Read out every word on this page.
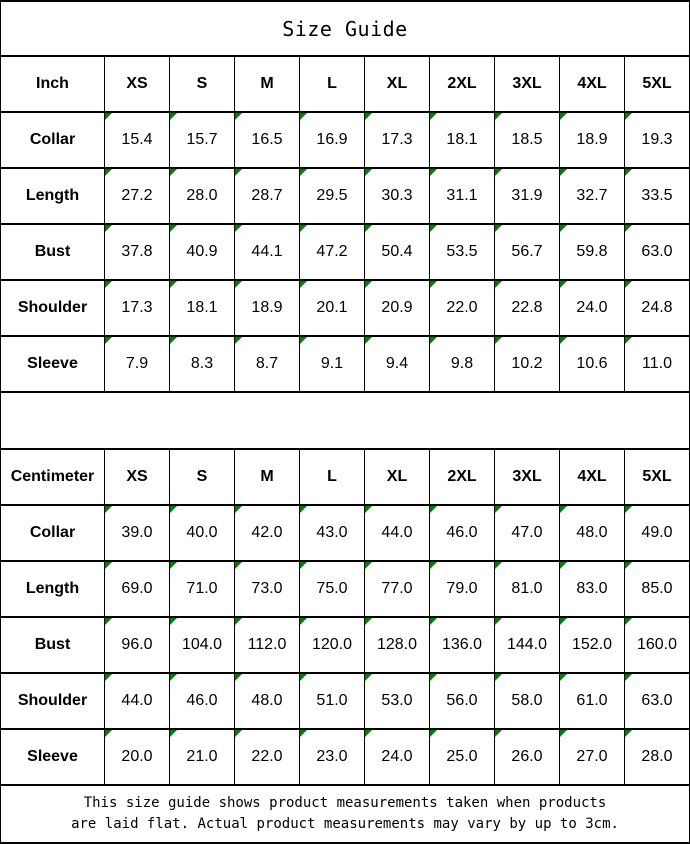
Size Guide									
Inch	XS	S	M	L	XL	2XL	3XL	4XL	5XL
Collar	15.4	15.7	16.5	16.9	17.3	18.1	18.5	18.9	19.3
Length	27.2	28.0	28.7	29.5	30.3	31.1	31.9	32.7	33.5
Bust	37.8	40.9	44.1	47.2	50.4	53.5	56.7	59.8	63.0
Shoulder	17.3	18.1	18.9	20.1	20.9	22.0	22.8	24.0	24.8
Sleeve	7.9	8.3	8.7	9.1	9.4	9.8	10.2	10.6	11.0

Centimeter	XS	S	M	L	XL	2XL	3XL	4XL	5XL
Collar	39.0	40.0	42.0	43.0	44.0	46.0	47.0	48.0	49.0
Length	69.0	71.0	73.0	75.0	77.0	79.0	81.0	83.0	85.0
Bust	96.0	104.0	112.0	120.0	128.0	136.0	144.0	152.0	160.0
Shoulder	44.0	46.0	48.0	51.0	53.0	56.0	58.0	61.0	63.0
Sleeve	20.0	21.0	22.0	23.0	24.0	25.0	26.0	27.0	28.0

This size guide shows product measurements taken when products
are laid flat. Actual product measurements may vary by up to 3cm.									
